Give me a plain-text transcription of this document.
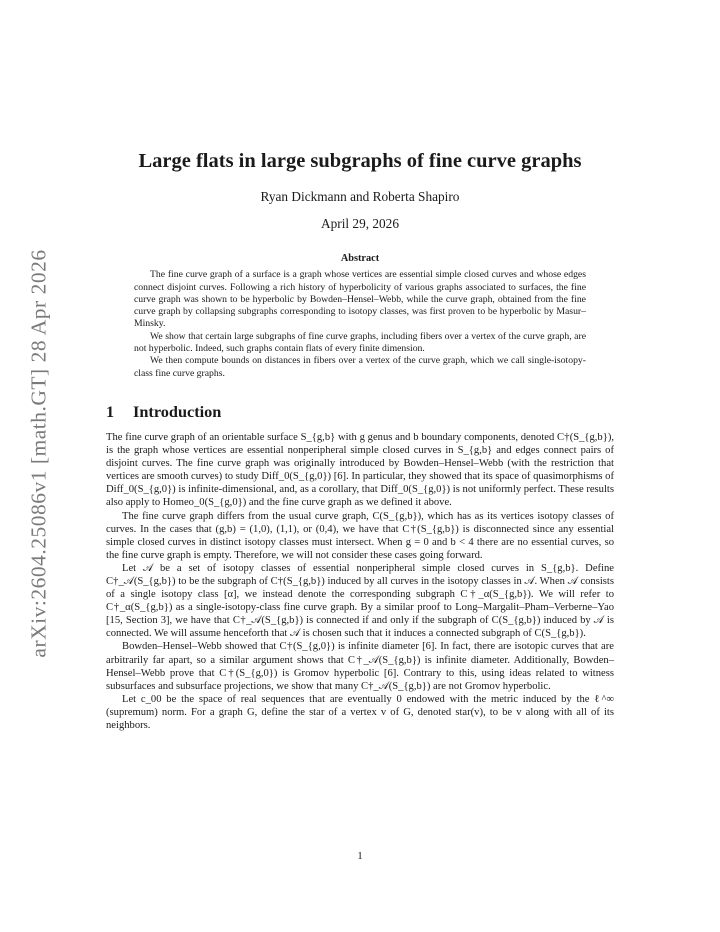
arXiv:2604.25086v1 [math.GT] 28 Apr 2026
Large flats in large subgraphs of fine curve graphs
Ryan Dickmann and Roberta Shapiro
April 29, 2026
Abstract

The fine curve graph of a surface is a graph whose vertices are essential simple closed curves and whose edges connect disjoint curves. Following a rich history of hyperbolicity of various graphs associated to surfaces, the fine curve graph was shown to be hyperbolic by Bowden–Hensel–Webb, while the curve graph, obtained from the fine curve graph by collapsing subgraphs corresponding to isotopy classes, was first proven to be hyperbolic by Masur–Minsky.

We show that certain large subgraphs of fine curve graphs, including fibers over a vertex of the curve graph, are not hyperbolic. Indeed, such graphs contain flats of every finite dimension.

We then compute bounds on distances in fibers over a vertex of the curve graph, which we call single-isotopy-class fine curve graphs.

1 Introduction

The fine curve graph of an orientable surface S_{g,b} with g genus and b boundary components, denoted C†(S_{g,b}), is the graph whose vertices are essential nonperipheral simple closed curves in S_{g,b} and edges connect pairs of disjoint curves. The fine curve graph was originally introduced by Bowden–Hensel–Webb (with the restriction that vertices are smooth curves) to study Diff_0(S_{g,0}) [6]. In particular, they showed that its space of quasimorphisms of Diff_0(S_{g,0}) is infinite-dimensional, and, as a corollary, that Diff_0(S_{g,0}) is not uniformly perfect. These results also apply to Homeo_0(S_{g,0}) and the fine curve graph as we defined it above.

The fine curve graph differs from the usual curve graph, C(S_{g,b}), which has as its vertices isotopy classes of curves. In the cases that (g,b) = (1,0), (1,1), or (0,4), we have that C†(S_{g,b}) is disconnected since any essential simple closed curves in distinct isotopy classes must intersect. When g = 0 and b < 4 there are no essential curves, so the fine curve graph is empty. Therefore, we will not consider these cases going forward.

Let 𝒜 be a set of isotopy classes of essential nonperipheral simple closed curves in S_{g,b}. Define C†_𝒜(S_{g,b}) to be the subgraph of C†(S_{g,b}) induced by all curves in the isotopy classes in 𝒜. When 𝒜 consists of a single isotopy class [α], we instead denote the corresponding subgraph C†_α(S_{g,b}). We will refer to C†_α(S_{g,b}) as a single-isotopy-class fine curve graph. By a similar proof to Long–Margalit–Pham–Verberne–Yao [15, Section 3], we have that C†_𝒜(S_{g,b}) is connected if and only if the subgraph of C(S_{g,b}) induced by 𝒜 is connected. We will assume henceforth that 𝒜 is chosen such that it induces a connected subgraph of C(S_{g,b}).

Bowden–Hensel–Webb showed that C†(S_{g,0}) is infinite diameter [6]. In fact, there are isotopic curves that are arbitrarily far apart, so a similar argument shows that C†_𝒜(S_{g,b}) is infinite diameter. Additionally, Bowden–Hensel–Webb prove that C†(S_{g,0}) is Gromov hyperbolic [6]. Contrary to this, using ideas related to witness subsurfaces and subsurface projections, we show that many C†_𝒜(S_{g,b}) are not Gromov hyperbolic.

Let c_00 be the space of real sequences that are eventually 0 endowed with the metric induced by the ℓ^∞ (supremum) norm. For a graph G, define the star of a vertex v of G, denoted star(v), to be v along with all of its neighbors.

1
